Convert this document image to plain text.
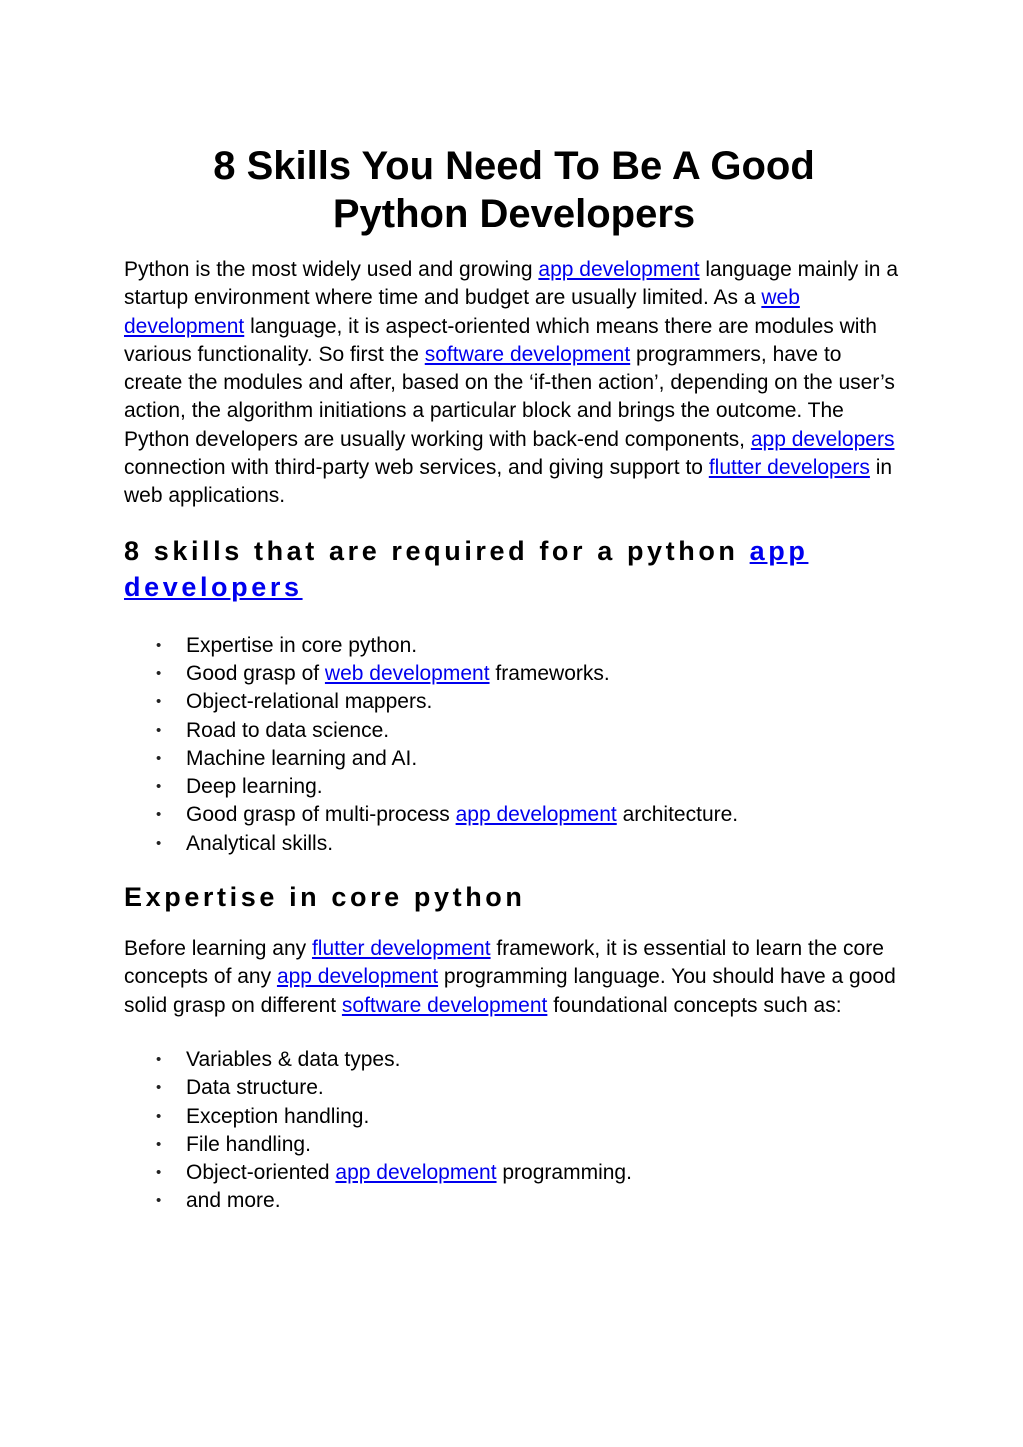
8 Skills You Need To Be A Good
Python Developers

Python is the most widely used and growing app development language mainly in a startup environment where time and budget are usually limited. As a web development language, it is aspect-oriented which means there are modules with various functionality. So first the software development programmers, have to create the modules and after, based on the ‘if-then action’, depending on the user’s action, the algorithm initiations a particular block and brings the outcome. The Python developers are usually working with back-end components, app developers connection with third-party web services, and giving support to flutter developers in web applications.

8 skills that are required for a python app developers
• Expertise in core python.
• Good grasp of web development frameworks.
• Object-relational mappers.
• Road to data science.
• Machine learning and AI.
• Deep learning.
• Good grasp of multi-process app development architecture.
• Analytical skills.
Expertise in core python

Before learning any flutter development framework, it is essential to learn the core concepts of any app development programming language. You should have a good solid grasp on different software development foundational concepts such as:

• Variables & data types.
• Data structure.
• Exception handling.
• File handling.
• Object-oriented app development programming.
• and more.
